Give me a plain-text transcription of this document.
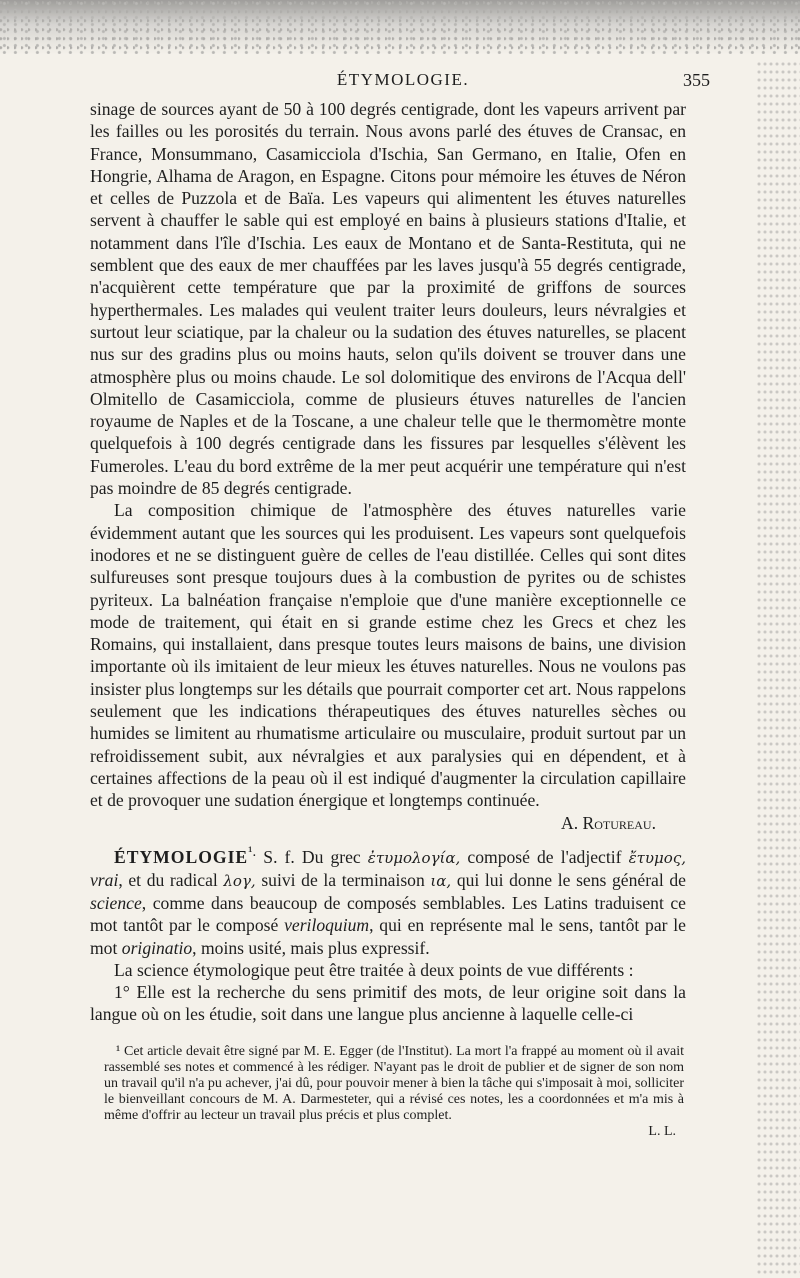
ÉTYMOLOGIE.	355

sinage de sources ayant de 50 à 100 degrés centigrade, dont les vapeurs arrivent par les failles ou les porosités du terrain. Nous avons parlé des étuves de Cransac, en France, Monsummano, Casamicciola d'Ischia, San Germano, en Italie, Ofen en Hongrie, Alhama de Aragon, en Espagne. Citons pour mémoire les étuves de Néron et celles de Puzzola et de Baïa. Les vapeurs qui alimentent les étuves naturelles servent à chauffer le sable qui est employé en bains à plusieurs stations d'Italie, et notamment dans l'île d'Ischia. Les eaux de Montano et de Santa-Restituta, qui ne semblent que des eaux de mer chauffées par les laves jusqu'à 55 degrés centigrade, n'acquièrent cette température que par la proximité de griffons de sources hyperthermales. Les malades qui veulent traiter leurs douleurs, leurs névralgies et surtout leur sciatique, par la chaleur ou la sudation des étuves naturelles, se placent nus sur des gradins plus ou moins hauts, selon qu'ils doivent se trouver dans une atmosphère plus ou moins chaude. Le sol dolomitique des environs de l'Acqua dell' Olmitello de Casamicciola, comme de plusieurs étuves naturelles de l'ancien royaume de Naples et de la Toscane, a une chaleur telle que le thermomètre monte quelquefois à 100 degrés centigrade dans les fissures par lesquelles s'élèvent les Fumeroles. L'eau du bord extrême de la mer peut acquérir une température qui n'est pas moindre de 85 degrés centigrade.

La composition chimique de l'atmosphère des étuves naturelles varie évidemment autant que les sources qui les produisent. Les vapeurs sont quelquefois inodores et ne se distinguent guère de celles de l'eau distillée. Celles qui sont dites sulfureuses sont presque toujours dues à la combustion de pyrites ou de schistes pyriteux. La balnéation française n'emploie que d'une manière exceptionnelle ce mode de traitement, qui était en si grande estime chez les Grecs et chez les Romains, qui installaient, dans presque toutes leurs maisons de bains, une division importante où ils imitaient de leur mieux les étuves naturelles. Nous ne voulons pas insister plus longtemps sur les détails que pourrait comporter cet art. Nous rappelons seulement que les indications thérapeutiques des étuves naturelles sèches ou humides se limitent au rhumatisme articulaire ou musculaire, produit surtout par un refroidissement subit, aux névralgies et aux paralysies qui en dépendent, et à certaines affections de la peau où il est indiqué d'augmenter la circulation capillaire et de provoquer une sudation énergique et longtemps continuée.
A. Rotureau.

$ÉTYMOLOGIE^{^1.}$ S. f. Du grec ἐτυμολογία, composé de l'adjectif ἔτυμος, vrai, et du radical λογ, suivi de la terminaison ια, qui lui donne le sens général de science, comme dans beaucoup de composés semblables. Les Latins traduisent ce mot tantôt par le composé veriloquium, qui en représente mal le sens, tantôt par le mot originatio, moins usité, mais plus expressif.

La science étymologique peut être traitée à deux points de vue différents :

1° Elle est la recherche du sens primitif des mots, de leur origine soit dans la langue où on les étudie, soit dans une langue plus ancienne à laquelle celle-ci

¹ Cet article devait être signé par M. E. Egger (de l'Institut). La mort l'a frappé au moment où il avait rassemblé ses notes et commencé à les rédiger. N'ayant pas le droit de publier et de signer de son nom un travail qu'il n'a pu achever, j'ai dû, pour pouvoir mener à bien la tâche qui s'imposait à moi, solliciter le bienveillant concours de M. A. Darmesteter, qui a révisé ces notes, les a coordonnées et m'a mis à même d'offrir au lecteur un travail plus précis et plus complet.

L. L.
